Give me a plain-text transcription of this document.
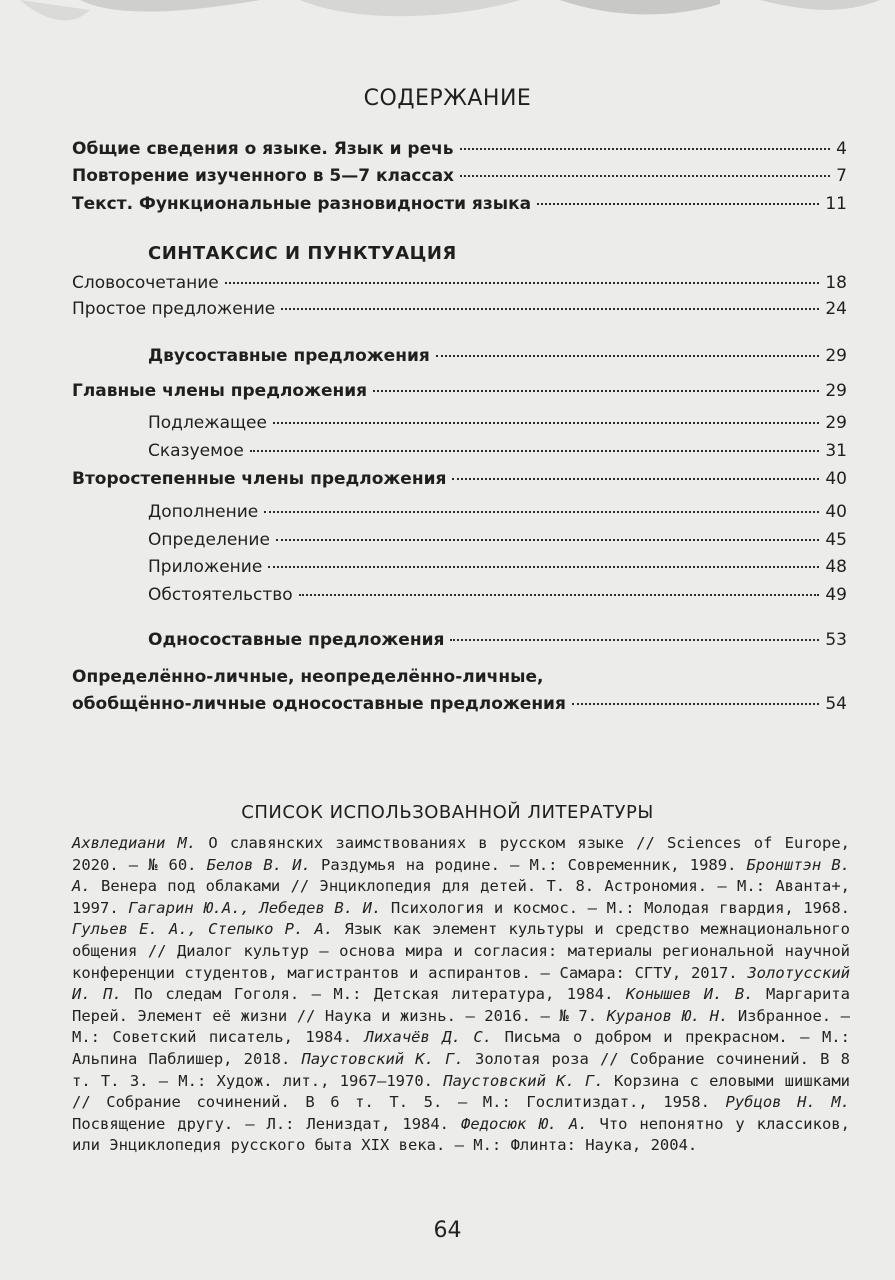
СОДЕРЖАНИЕ
Общие сведения о языке. Язык и речь	4
Повторение изученного в 5—7 классах	7
Текст. Функциональные разновидности языка	11
СИНТАКСИС И ПУНКТУАЦИЯ
Словосочетание	18
Простое предложение	24
Двусоставные предложения	29
Главные члены предложения	29
Подлежащее	29
Сказуемое	31
Второстепенные члены предложения	40
Дополнение	40
Определение	45
Приложение	48
Обстоятельство	49
Односоставные предложения	53
Определённо-личные, неопределённо-личные,
обобщённо-личные односоставные предложения	54
СПИСОК ИСПОЛЬЗОВАННОЙ ЛИТЕРАТУРЫ
Ахвледиани М. О славянских заимствованиях в русском языке // Sciences of Europe, 2020. — № 60. Белов В. И. Раздумья на родине. — М.: Современник, 1989. Бронштэн В. А. Венера под облаками // Энциклопедия для детей. Т. 8. Астрономия. — М.: Аванта+, 1997. Гагарин Ю.А., Лебедев В. И. Психология и космос. — М.: Молодая гвардия, 1968. Гульев Е. А., Степыко Р. А. Язык как элемент культуры и средство межнационального общения // Диалог культур — основа мира и согласия: материалы региональной научной конференции студентов, магистрантов и аспирантов. — Самара: СГТУ, 2017. Золотусский И. П. По следам Гоголя. — М.: Детская литература, 1984. Конышев И. В. Маргарита Перей. Элемент её жизни // Наука и жизнь. — 2016. — № 7. Куранов Ю. Н. Избранное. — М.: Советский писатель, 1984. Лихачёв Д. С. Письма о добром и прекрасном. — М.: Альпина Паблишер, 2018. Паустовский К. Г. Золотая роза // Собрание сочинений. В 8 т. Т. 3. — М.: Худож. лит., 1967—1970. Паустовский К. Г. Корзина с еловыми шишками // Собрание сочинений. В 6 т. Т. 5. — М.: Гослитиздат., 1958. Рубцов Н. М. Посвящение другу. — Л.: Лениздат, 1984. Федосюк Ю. А. Что непонятно у классиков, или Энциклопедия русского быта XIX века. — М.: Флинта: Наука, 2004.
64
